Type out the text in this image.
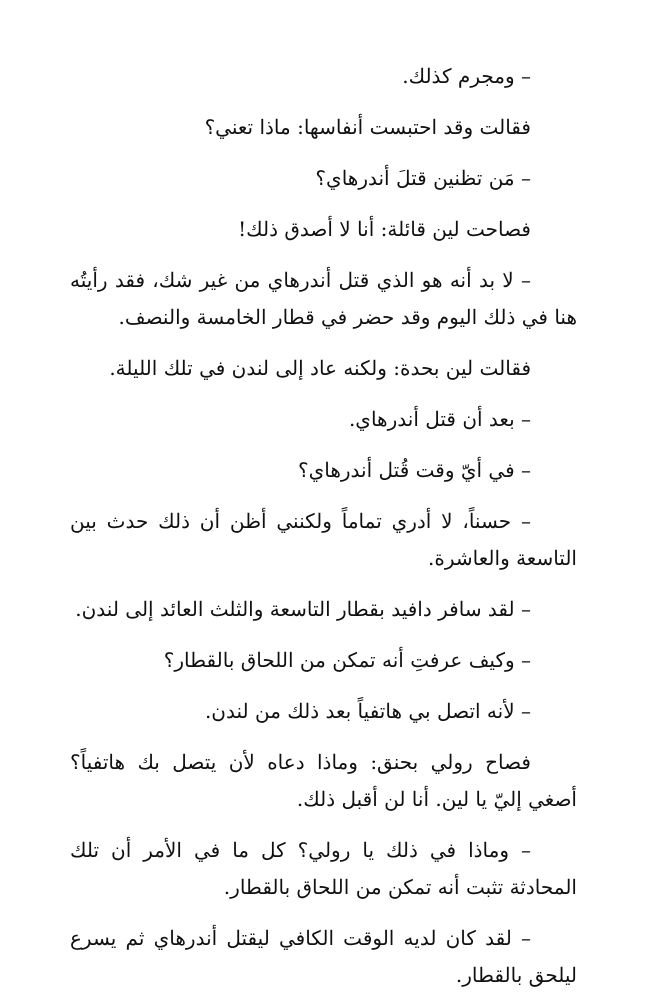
– ومجرم كذلك.

فقالت وقد احتبست أنفاسها: ماذا تعني؟

– مَن تظنين قتلَ أندرهاي؟

فصاحت لين قائلة: أنا لا أصدق ذلك!

– لا بد أنه هو الذي قتل أندرهاي من غير شك، فقد رأيتُه هنا في ذلك اليوم وقد حضر في قطار الخامسة والنصف.

فقالت لين بحدة: ولكنه عاد إلى لندن في تلك الليلة.

– بعد أن قتل أندرهاي.

– في أيّ وقت قُتل أندرهاي؟

– حسناً، لا أدري تماماً ولكنني أظن أن ذلك حدث بين التاسعة والعاشرة.

– لقد سافر دافيد بقطار التاسعة والثلث العائد إلى لندن.

– وكيف عرفتِ أنه تمكن من اللحاق بالقطار؟

– لأنه اتصل بي هاتفياً بعد ذلك من لندن.

فصاح رولي بحنق: وماذا دعاه لأن يتصل بك هاتفياً؟ أصغي إليّ يا لين. أنا لن أقبل ذلك.

– وماذا في ذلك يا رولي؟ كل ما في الأمر أن تلك المحادثة تثبت أنه تمكن من اللحاق بالقطار.

– لقد كان لديه الوقت الكافي ليقتل أندرهاي ثم يسرع ليلحق بالقطار.
